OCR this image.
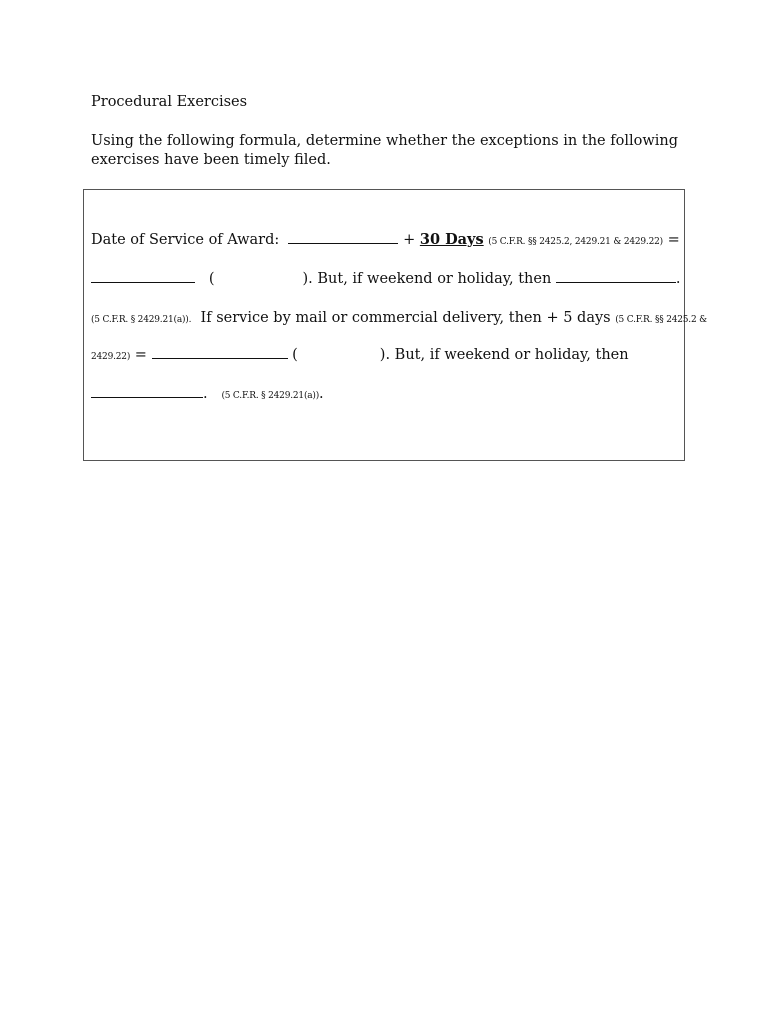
Procedural Exercises
Using the following formula, determine whether the exceptions in the following
exercises have been timely filed.
Date of Service of Award:	+ 30 Days (5 C.F.R. §§ 2425.2, 2429.21 & 2429.22) =
(	). But, if weekend or holiday, then	.
(5 C.F.R. § 2429.21(a)). If service by mail or commercial delivery, then + 5 days (5 C.F.R. §§ 2425.2 &
2429.22) =	(	). But, if weekend or holiday, then
. (5 C.F.R. § 2429.21(a)).
